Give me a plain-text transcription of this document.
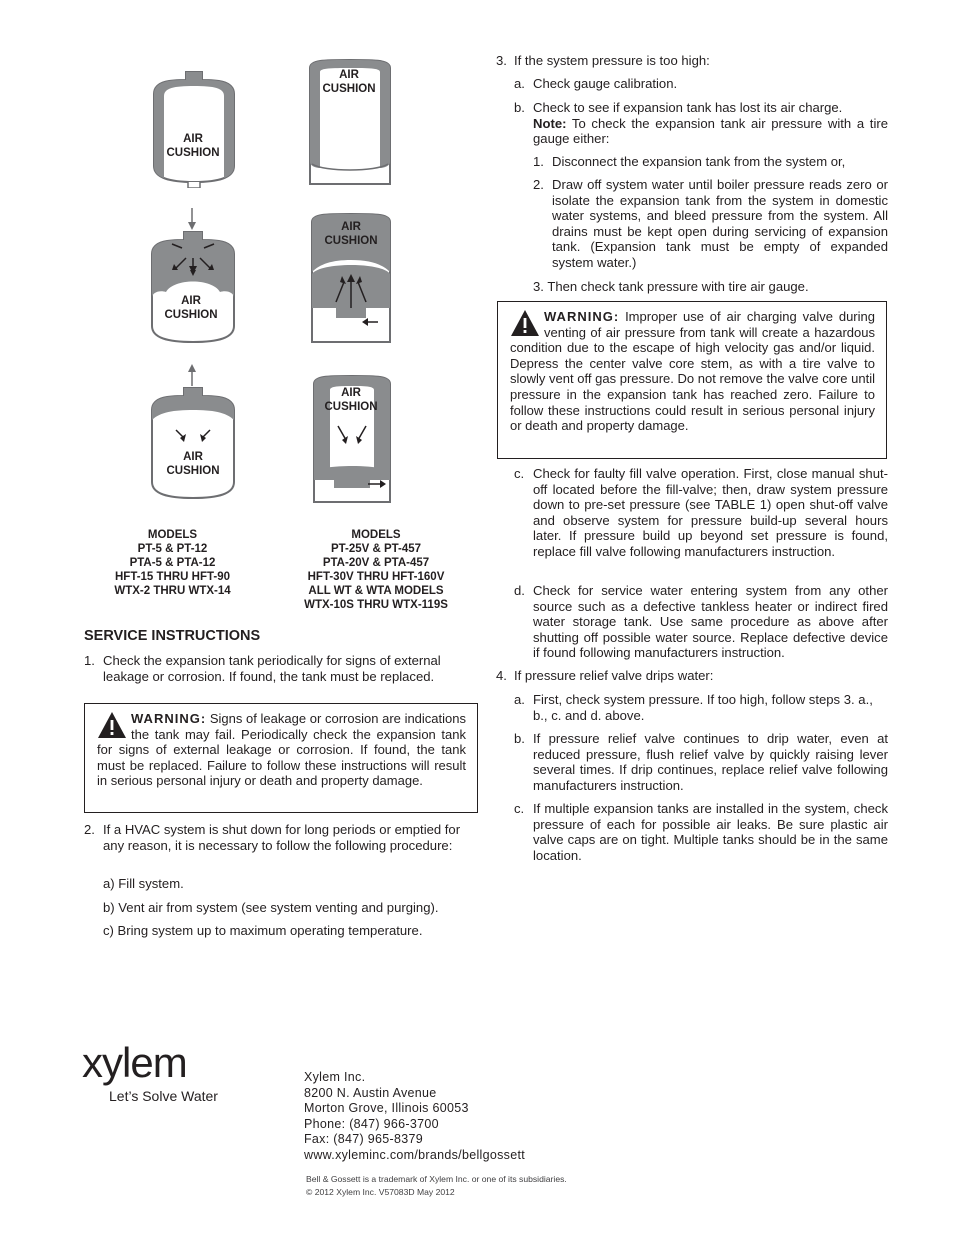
AIR
CUSHION
AIR
CUSHION
AIR
CUSHION
AIR
CUSHION
AIR
CUSHION
AIR
CUSHION
MODELS
PT-5 & PT-12
PTA-5 & PTA-12
HFT-15 THRU HFT-90
WTX-2 THRU WTX-14
MODELS
PT-25V & PT-457
PTA-20V & PTA-457
HFT-30V THRU HFT-160V
ALL WT & WTA MODELS
WTX-10S THRU WTX-119S
SERVICE INSTRUCTIONS
1. Check the expansion tank periodically for signs of external leakage or corrosion. If found, the tank must be replaced.

WARNING: Signs of leakage or corrosion are indications the tank may fail. Periodically check the expansion tank for signs of external leakage or corrosion. If found, the tank must be replaced. Failure to follow these instructions will result in serious personal injury or death and property damage.

2. If a HVAC system is shut down for long periods or emptied for any reason, it is necessary to follow the following procedure:

a) Fill system.

b) Vent air from system (see system venting and purging).

c) Bring system up to maximum operating temperature.

3. If the system pressure is too high:

a. Check gauge calibration.

b. Check to see if expansion tank has lost its air charge.

Note: To check the expansion tank air pressure with a tire gauge either:

1. Disconnect the expansion tank from the system or,

2. Draw off system water until boiler pressure reads zero or isolate the expansion tank from the system in domestic water systems, and bleed pressure from the system. All drains must be kept open during servicing of expansion tank. (Expansion tank must be empty of expanded system water.)

3. Then check tank pressure with tire air gauge.

WARNING: Improper use of air charging valve during venting of air pressure from tank will create a hazardous condition due to the escape of high velocity gas and/or liquid. Depress the center valve core stem, as with a tire valve to slowly vent off gas pressure. Do not remove the valve core until pressure in the expansion tank has reached zero. Failure to follow these instructions could result in serious personal injury or death and property damage.

c. Check for faulty fill valve operation. First, close manual shut-off located before the fill-valve; then, draw system pressure down to pre-set pressure (see TABLE 1) open shut-off valve and observe system for pressure build-up several hours later. If pressure build up beyond set pressure is found, replace fill valve following manufacturers instruction.

d. Check for service water entering system from any other source such as a defective tankless heater or indirect fired water storage tank. Use same procedure as above after shutting off possible water source. Replace defective device if found following manufacturers instruction.

4. If pressure relief valve drips water:

a. First, check system pressure. If too high, follow steps 3. a., b., c. and d. above.

b. If pressure relief valve continues to drip water, even at reduced pressure, flush relief valve by quickly raising lever several times. If drip continues, replace relief valve following manufacturers instruction.

c. If multiple expansion tanks are installed in the system, check pressure of each for possible air leaks. Be sure plastic air valve caps are on tight. Multiple tanks should be in the same location.

xylem
Let’s Solve Water
Xylem Inc.
8200 N. Austin Avenue
Morton Grove, Illinois 60053
Phone: (847) 966-3700
Fax: (847) 965-8379
www.xyleminc.com/brands/bellgossett
Bell & Gossett is a trademark of Xylem Inc. or one of its subsidiaries.
© 2012 Xylem Inc. V57083D May 2012
